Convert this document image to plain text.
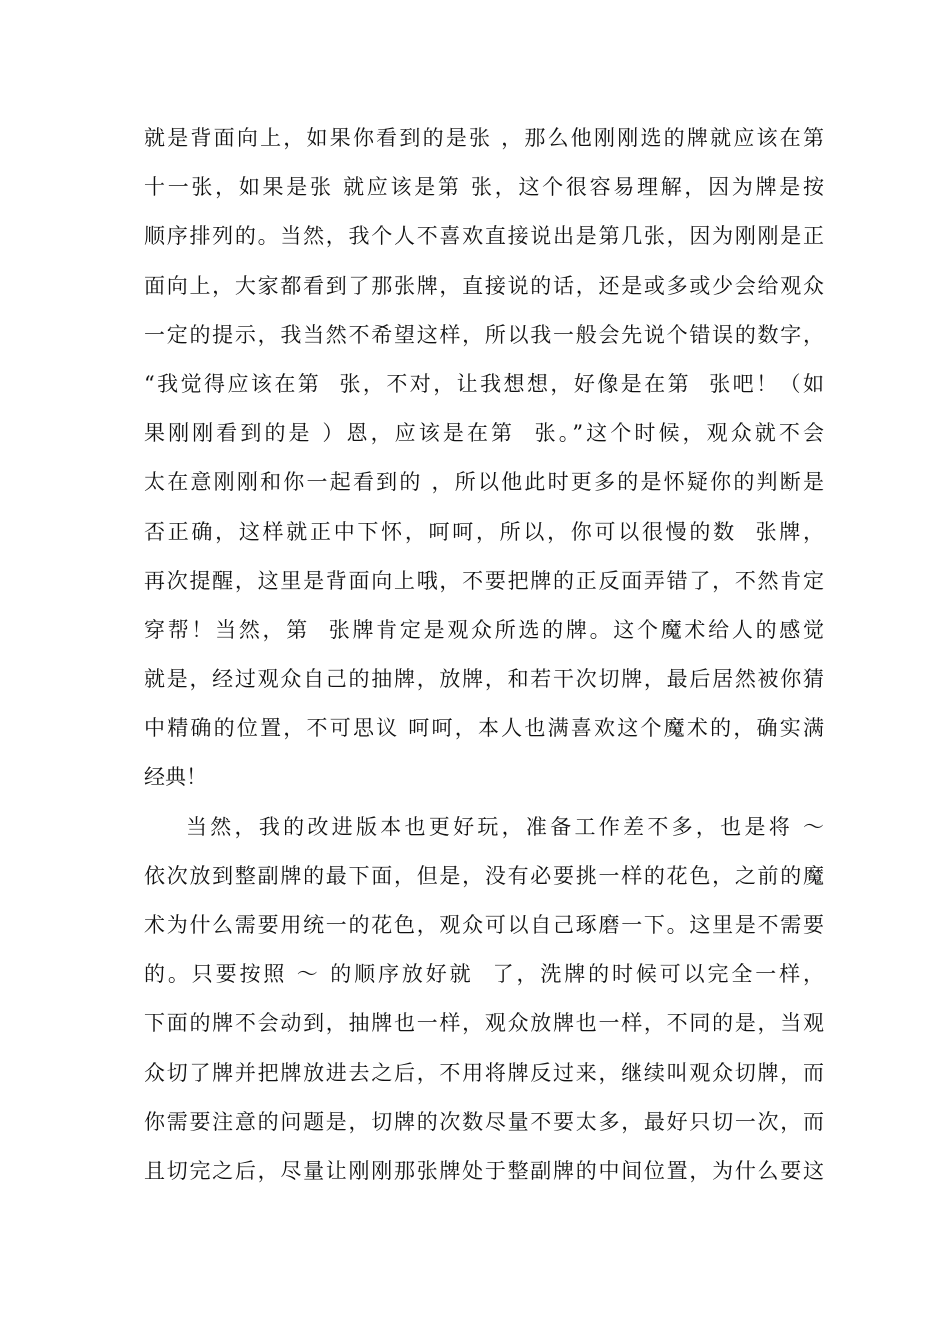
就是背面向上，如果你看到的是张 ，那么他刚刚选的牌就应该在第
十一张，如果是张 就应该是第 张，这个很容易理解，因为牌是按
顺序排列的。当然，我个人不喜欢直接说出是第几张，因为刚刚是正
面向上，大家都看到了那张牌，直接说的话，还是或多或少会给观众
一定的提示，我当然不希望这样，所以我一般会先说个错误的数字，
“我觉得应该在第  张，不对，让我想想，好像是在第  张吧！（如
果刚刚看到的是 ）恩，应该是在第  张。”这个时候，观众就不会
太在意刚刚和你一起看到的 ，所以他此时更多的是怀疑你的判断是
否正确，这样就正中下怀，呵呵，所以，你可以很慢的数  张牌，
再次提醒，这里是背面向上哦，不要把牌的正反面弄错了，不然肯定
穿帮！当然，第  张牌肯定是观众所选的牌。这个魔术给人的感觉
就是，经过观众自己的抽牌，放牌，和若干次切牌，最后居然被你猜
中精确的位置，不可思议 呵呵，本人也满喜欢这个魔术的，确实满
经典！
当然，我的改进版本也更好玩，准备工作差不多，也是将 ～
依次放到整副牌的最下面，但是，没有必要挑一样的花色，之前的魔
术为什么需要用统一的花色，观众可以自己琢磨一下。这里是不需要
的。只要按照 ～ 的顺序放好就  了，洗牌的时候可以完全一样，
下面的牌不会动到，抽牌也一样，观众放牌也一样，不同的是，当观
众切了牌并把牌放进去之后，不用将牌反过来，继续叫观众切牌，而
你需要注意的问题是，切牌的次数尽量不要太多，最好只切一次，而
且切完之后，尽量让刚刚那张牌处于整副牌的中间位置，为什么要这
